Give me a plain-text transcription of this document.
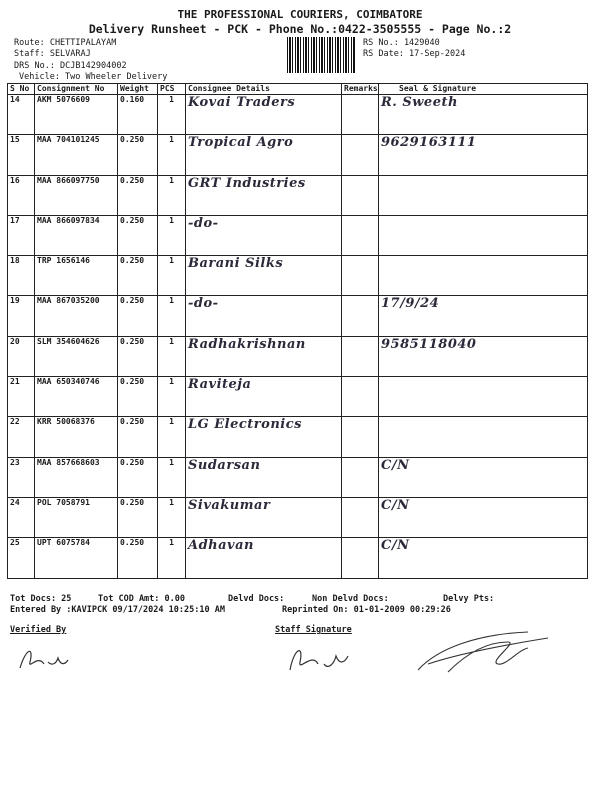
THE PROFESSIONAL COURIERS, COIMBATORE
Delivery Runsheet - PCK - Phone No.:0422-3505555 - Page No.:2
Route: CHETTIPALAYAM
Staff: SELVARAJ
DRS No.: DCJB142904002
Vehicle: Two Wheeler Delivery
RS No.: 1429040
RS Date: 17-Sep-2024
S No	Consignment No	Weight	PCS	Consignee Details	Remarks	Seal & Signature
14	AKM 5076609	0.160	1	Kovai Traders		R. Sweeth
15	MAA 704101245	0.250	1	Tropical Agro		9629163111
16	MAA 866097750	0.250	1	GRT Industries		
17	MAA 866097834	0.250	1	-do-		
18	TRP 1656146	0.250	1	Barani Silks		
19	MAA 867035200	0.250	1	-do-		17/9/24
20	SLM 354604626	0.250	1	Radhakrishnan		9585118040
21	MAA 650340746	0.250	1	Raviteja		
22	KRR 50068376	0.250	1	LG Electronics		
23	MAA 857668603	0.250	1	Sudarsan		C/N
24	POL 7058791	0.250	1	Sivakumar		C/N
25	UPT 6075784	0.250	1	Adhavan		C/N
Tot Docs: 25	Tot COD Amt: 0.00	Delvd Docs:	Non Delvd Docs:	Delvy Pts:
Entered By :KAVIPCK 09/17/2024 10:25:10 AM	Reprinted On: 01-01-2009 00:29:26
Verified By	Staff Signature
